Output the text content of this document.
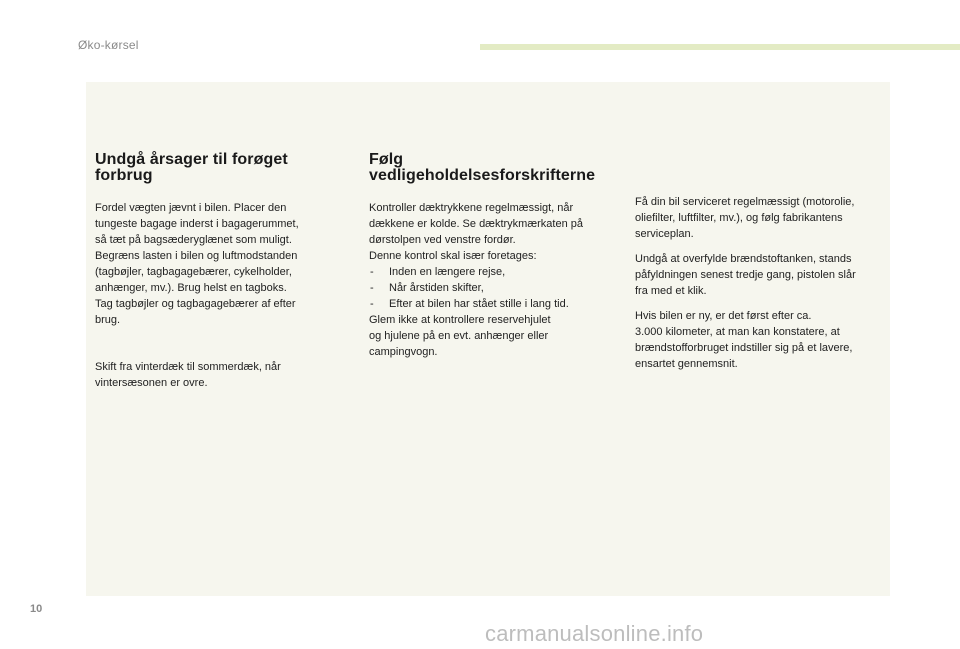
Øko-kørsel
Undgå årsager til forøget
forbrug

Fordel vægten jævnt i bilen. Placer den
tungeste bagage inderst i bagagerummet,
så tæt på bagsæderyglænet som muligt.
Begræns lasten i bilen og luftmodstanden
(tagbøjler, tagbagagebærer, cykelholder,
anhænger, mv.). Brug helst en tagboks.
Tag tagbøjler og tagbagagebærer af efter
brug.

Skift fra vinterdæk til sommerdæk, når
vintersæsonen er ovre.

Følg
vedligeholdelsesforskrifterne

Kontroller dæktrykkene regelmæssigt, når
dækkene er kolde. Se dæktrykmærkaten på
dørstolpen ved venstre fordør.
Denne kontrol skal især foretages:

- Inden en længere rejse,
- Når årstiden skifter,
- Efter at bilen har stået stille i lang tid.

Glem ikke at kontrollere reservehjulet
og hjulene på en evt. anhænger eller
campingvogn.

Få din bil serviceret regelmæssigt (motorolie,
oliefilter, luftfilter, mv.), og følg fabrikantens
serviceplan.

Undgå at overfylde brændstoftanken, stands
påfyldningen senest tredje gang, pistolen slår
fra med et klik.

Hvis bilen er ny, er det først efter ca.
3.000 kilometer, at man kan konstatere, at
brændstofforbruget indstiller sig på et lavere,
ensartet gennemsnit.

10
carmanualsonline.info
